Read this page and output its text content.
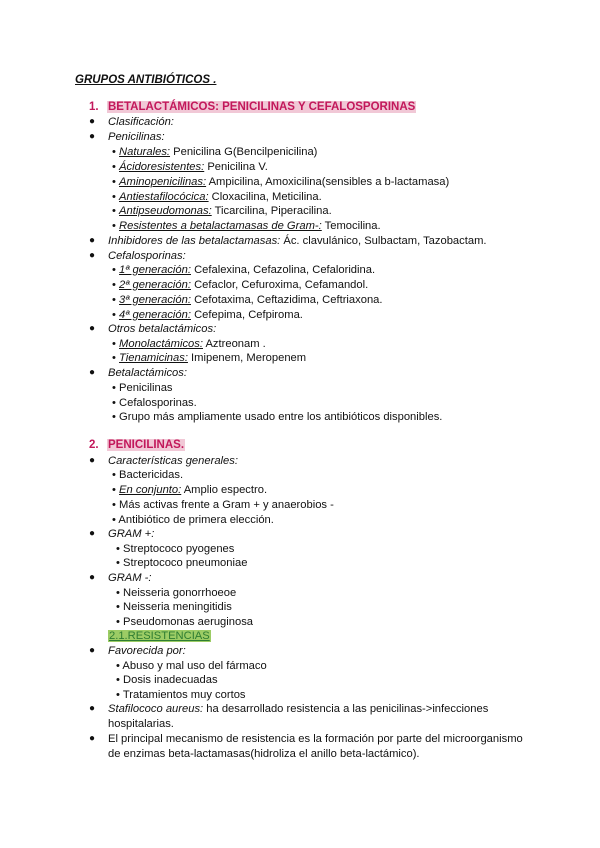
GRUPOS ANTIBIÓTICOS .
1. BETALACTÁMICOS: PENICILINAS Y CEFALOSPORINAS
● Clasificación:
● Penicilinas:
• Naturales: Penicilina G(Bencilpenicilina)
• Ácidoresistentes: Penicilina V.
• Aminopenicilinas: Ampicilina, Amoxicilina(sensibles a b-lactamasa)
• Antiestafilocócica: Cloxacilina, Meticilina.
• Antipseudomonas: Ticarcilina, Piperacilina.
• Resistentes a betalactamasas de Gram-: Temocilina.
● Inhibidores de las betalactamasas: Ác. clavulánico, Sulbactam, Tazobactam.
● Cefalosporinas:
• 1ª generación: Cefalexina, Cefazolina, Cefaloridina.
• 2ª generación: Cefaclor, Cefuroxima, Cefamandol.
• 3ª generación: Cefotaxima, Ceftazidima, Ceftriaxona.
• 4ª generación: Cefepima, Cefpiroma.
● Otros betalactámicos:
• Monolactámicos: Aztreonam .
• Tienamicinas: Imipenem, Meropenem
● Betalactámicos:
• Penicilinas
• Cefalosporinas.
• Grupo más ampliamente usado entre los antibióticos disponibles.
2. PENICILINAS.
● Características generales:
• Bactericidas.
• En conjunto: Amplio espectro.
• Más activas frente a Gram + y anaerobios -
• Antibiótico de primera elección.
● GRAM +:
• Streptococo pyogenes
• Streptococo pneumoniae
● GRAM -:
• Neisseria gonorrhoeoe
• Neisseria meningitidis
• Pseudomonas aeruginosa
2.1.RESISTENCIAS
● Favorecida por:
• Abuso y mal uso del fármaco
• Dosis inadecuadas
• Tratamientos muy cortos
● Stafilococo aureus: ha desarrollado resistencia a las penicilinas->infecciones hospitalarias.
● El principal mecanismo de resistencia es la formación por parte del microorganismo de enzimas beta-lactamasas(hidroliza el anillo beta-lactámico).
